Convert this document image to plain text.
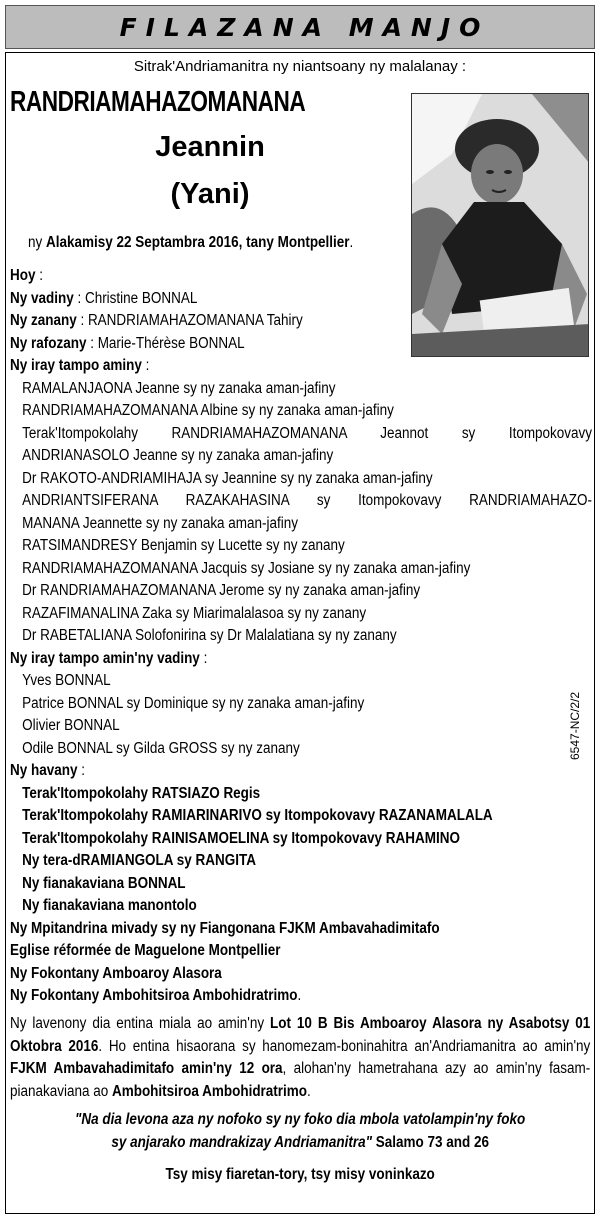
FILAZANA MANJO
Sitrak'Andriamanitra ny niantsoany ny malalanay :
RANDRIAMAHAZOMANANA
Jeannin
(Yani)
ny Alakamisy 22 Septambra 2016, tany Montpellier.
Hoy :
Ny vadiny : Christine BONNAL
Ny zanany : RANDRIAMAHAZOMANANA Tahiry
Ny rafozany : Marie-Thérèse BONNAL
Ny iray tampo aminy :
RAMALANJAONA Jeanne sy ny zanaka aman-jafiny
RANDRIAMAHAZOMANANA Albine sy ny zanaka aman-jafiny
Terak'Itompokolahy RANDRIAMAHAZOMANANA Jeannot sy Itompokovavy
ANDRIANASOLO Jeanne sy ny zanaka aman-jafiny
Dr RAKOTO-ANDRIAMIHAJA sy Jeannine sy ny zanaka aman-jafiny
ANDRIANTSIFERANA RAZAKAHASINA sy Itompokovavy RANDRIAMAHAZO-
MANANA Jeannette sy ny zanaka aman-jafiny
RATSIMANDRESY Benjamin sy Lucette sy ny zanany
RANDRIAMAHAZOMANANA Jacquis sy Josiane sy ny zanaka aman-jafiny
Dr RANDRIAMAHAZOMANANA Jerome sy ny zanaka aman-jafiny
RAZAFIMANALINA Zaka sy Miarimalalasoa sy ny zanany
Dr RABETALIANA Solofonirina sy Dr Malalatiana sy ny zanany
Ny iray tampo amin'ny vadiny :
Yves BONNAL
Patrice BONNAL sy Dominique sy ny zanaka aman-jafiny
Olivier BONNAL
Odile BONNAL sy Gilda GROSS sy ny zanany
Ny havany :
Terak'Itompokolahy RATSIAZO Regis
Terak'Itompokolahy RAMIARINARIVO sy Itompokovavy RAZANAMALALA
Terak'Itompokolahy RAINISAMOELINA sy Itompokovavy RAHAMINO
Ny tera-dRAMIANGOLA sy RANGITA
Ny fianakaviana BONNAL
Ny fianakaviana manontolo
Ny Mpitandrina mivady sy ny Fiangonana FJKM Ambavahadimitafo
Eglise réformée de Maguelone Montpellier
Ny Fokontany Amboaroy Alasora
Ny Fokontany Ambohitsiroa Ambohidratrimo.
6547-NC/2/2
Ny lavenony dia entina miala ao amin'ny Lot 10 B Bis Amboaroy Alasora ny Asabotsy 01 Oktobra 2016. Ho entina hisaorana sy hanomezam-boninahitra an'Andriamanitra ao amin'ny FJKM Ambavahadimitafo amin'ny 12 ora, alohan'ny hametrahana azy ao amin'ny fasam-pianakaviana ao Ambohitsiroa Ambohidratrimo.
"Na dia levona aza ny nofoko sy ny foko dia mbola vatolampin'ny foko
sy anjarako mandrakizay Andriamanitra" Salamo 73 and 26
Tsy misy fiaretan-tory, tsy misy voninkazo
